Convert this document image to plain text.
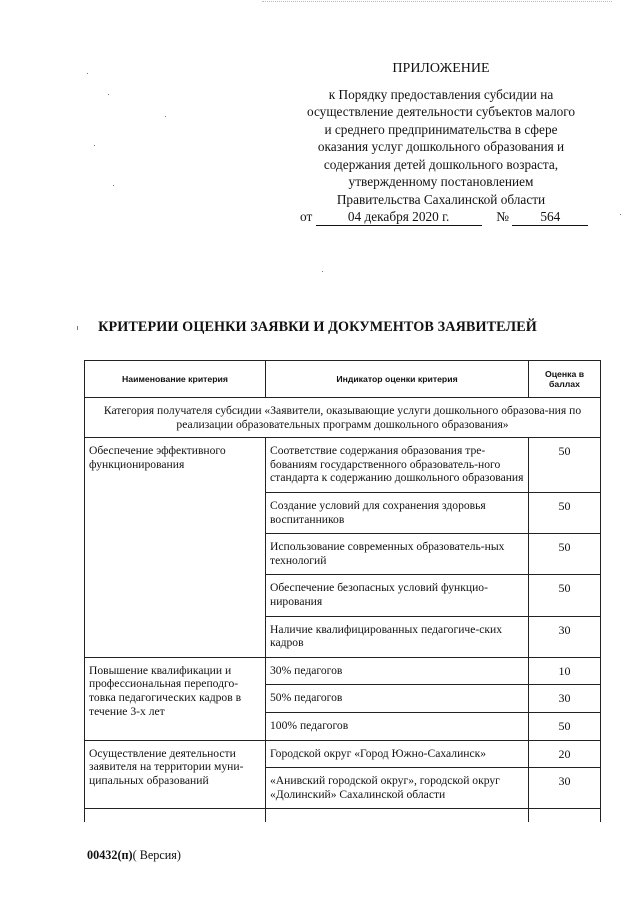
ПРИЛОЖЕНИЕ
к Порядку предоставления субсидии на
осуществление деятельности субъектов малого
и среднего предпринимательства в сфере
оказания услуг дошкольного образования и
содержания детей дошкольного возраста,
утвержденному постановлением
Правительства Сахалинской области
от	04 декабря 2020 г.	№ 564
КРИТЕРИИ ОЦЕНКИ ЗАЯВКИ И ДОКУМЕНТОВ ЗАЯВИТЕЛЕЙ
Наименование критерия	Индикатор оценки критерия	Оценка в баллах
Категория получателя субсидии «Заявители, оказывающие услуги дошкольного образова-ния по реализации образовательных программ дошкольного образования»		
Обеспечение эффективного функционирования	Соответствие содержания образования тре-бованиям государственного образователь-ного стандарта к содержанию дошкольного образования	50
	Создание условий для сохранения здоровья воспитанников	50
	Использование современных образователь-ных технологий	50
	Обеспечение безопасных условий функцио-нирования	50
	Наличие квалифицированных педагогиче-ских кадров	30
Повышение квалификации и профессиональная переподго-товка педагогических кадров в течение 3-х лет	30% педагогов	10
	50% педагогов	30
	100% педагогов	50
Осуществление деятельности заявителя на территории муни-ципальных образований	Городской округ «Город Южно-Сахалинск»	20
	«Анивский городской округ», городской округ «Долинский» Сахалинской области	30

00432(п)( Версия)
